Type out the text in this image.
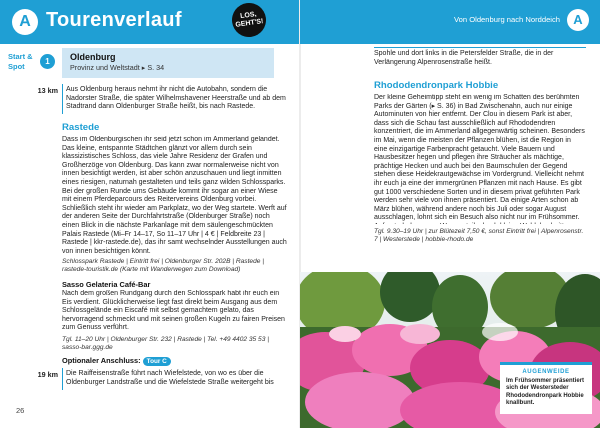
A Tourenverlauf	LOS, GEHT'S!
Start &
Spot
1	Oldenburg
Provinz und Weltstadt ▸ S. 34
13 km Aus Oldenburg heraus nehmt ihr nicht die Autobahn, sondern die Nadorster Straße, die später Wilhelmshavener Heerstraße und ab dem Stadtrand dann Oldenburger Straße heißt, bis nach Rastede.
Rastede
Dass im Oldenburgischen ihr seid jetzt schon im Ammerland gelandet. Das kleine, entspannte Städtchen glänzt vor allem durch sein klassizistisches Schloss, das viele Jahre Residenz der Grafen und Großherzöge von Oldenburg. Das kann zwar normalerweise nicht von innen besichtigt werden, ist aber schön anzuschauen und liegt inmitten eines riesigen, naturnah gestalteten und teils ganz wilden Schlossparks. Bei der großen Runde ums Gebäude kommt ihr sogar an einer Wiese mit einem Pferdeparcours des Reitervereins Oldenburg vorbei. Schließlich steht ihr wieder am Parkplatz, wo der Weg startete. Werft auf der anderen Seite der Durchfahrtstraße (Oldenburger Straße) noch einen Blick in die nächste Parkanlage mit dem säulengeschmückten Palais Rastede (Mi–Fr 14–17, So 11–17 Uhr | 4 € | Feldbreite 23 | Rastede | kkr-rastede.de), das ihr samt wechselnder Ausstellungen auch von innen besichtigen könnt.
Schlosspark Rastede | Eintritt frei | Oldenburger Str. 202B | Rastede | rastede-touristik.de (Karte mit Wanderwegen zum Download)
Sasso Gelateria Café-Bar
Nach dem großen Rundgang durch den Schlosspark habt ihr euch ein Eis verdient. Glücklicherweise liegt fast direkt beim Ausgang aus dem Schlossgelände ein Eiscafé mit selbst gemachtem gelato, das hervorragend schmeckt und mit seinen großen Kugeln zu fairen Preisen zum Genuss verführt.
Tgl. 11–20 Uhr | Oldenburger Str. 232 | Rastede | Tel. +49 4402 35 53 | sasso-bar.ggg.de
Optionaler Anschluss: Tour C
19 km Die Raiffeisenstraße führt nach Wiefelstede, von wo es über die Oldenburger Landstraße und die Wiefelstede Straße weitergeht bis
26
Von Oldenburg nach Norddeich	A
Spohle und dort links in die Petersfelder Straße, die in der Verlängerung Alpenrosenstraße heißt.
Rhododendronpark Hobbie
Der kleine Geheimtipp steht ein wenig im Schatten des berühmten Parks der Gärten (▸ S. 36) in Bad Zwischenahn, auch nur einige Autominuten von hier entfernt. Der Clou in diesem Park ist aber, dass sich die Schau fast ausschließlich auf Rhododendren konzentriert, die im Ammerland allgegenwärtig scheinen. Besonders im Mai, wenn die meisten der Pflanzen blühen, ist die Region in eine einzigartige Farbenpracht getaucht. Viele Bauern und Hausbesitzer hegen und pflegen ihre Sträucher als mächtige, prächtige Hecken und auch bei den Baumschulen der Gegend stehen diese Heidekrautgewächse im Vordergrund. Vielleicht nehmt ihr euch ja eine der immergrünen Pflanzen mit nach Hause. Es gibt gut 1000 verschiedene Sorten und in diesem privat geführten Park werden sehr viele von ihnen präsentiert. Da einige Arten schon ab März blühen, während andere noch bis Juli oder sogar August ausschlagen, lohnt sich ein Besuch also nicht nur im Frühsommer.
Tgl. 9.30–19 Uhr | zur Blütezeit 7,50 €, sonst Eintritt frei | Alpenrosenstr. 7 | Westerstede | hobbie-rhodo.de
AUGENWEIDE
Im Frühsommer präsentiert sich der Westersteder Rhododendronpark Hobbie knallbunt.
